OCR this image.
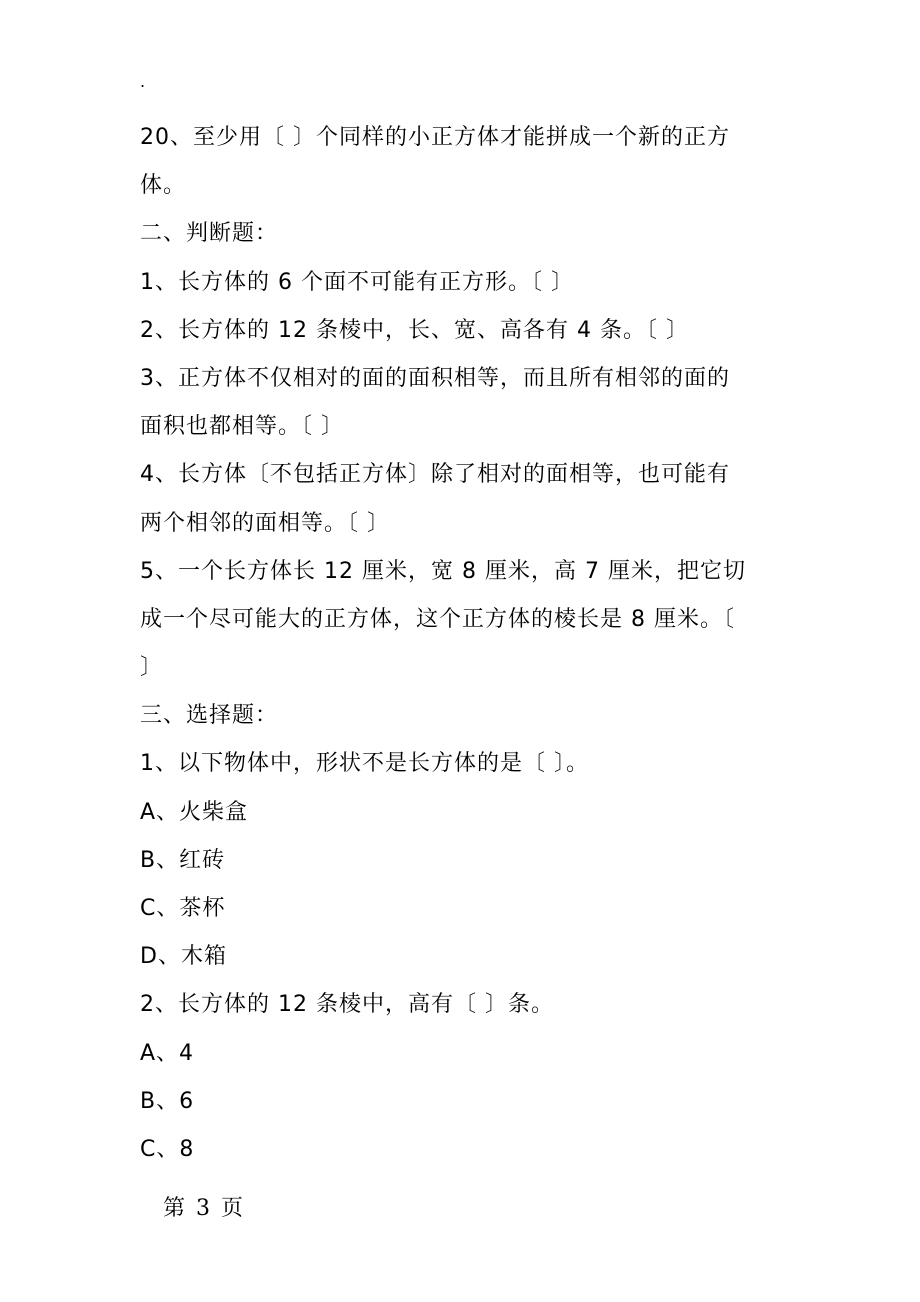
.
20、至少用〔 〕个同样的小正方体才能拼成一个新的正方
体。
二、判断题：
1、长方体的 6 个面不可能有正方形。〔 〕
2、长方体的 12 条棱中，长、宽、高各有 4 条。〔 〕
3、正方体不仅相对的面的面积相等，而且所有相邻的面的
面积也都相等。〔 〕
4、长方体〔不包括正方体〕除了相对的面相等，也可能有
两个相邻的面相等。〔 〕
5、一个长方体长 12 厘米，宽 8 厘米，高 7 厘米，把它切
成一个尽可能大的正方体，这个正方体的棱长是 8 厘米。〔
〕
三、选择题：
1、以下物体中，形状不是长方体的是〔 〕。
A、火柴盒
B、红砖
C、茶杯
D、木箱
2、长方体的 12 条棱中，高有〔 〕条。
A、4
B、6
C、8
第 3 页
